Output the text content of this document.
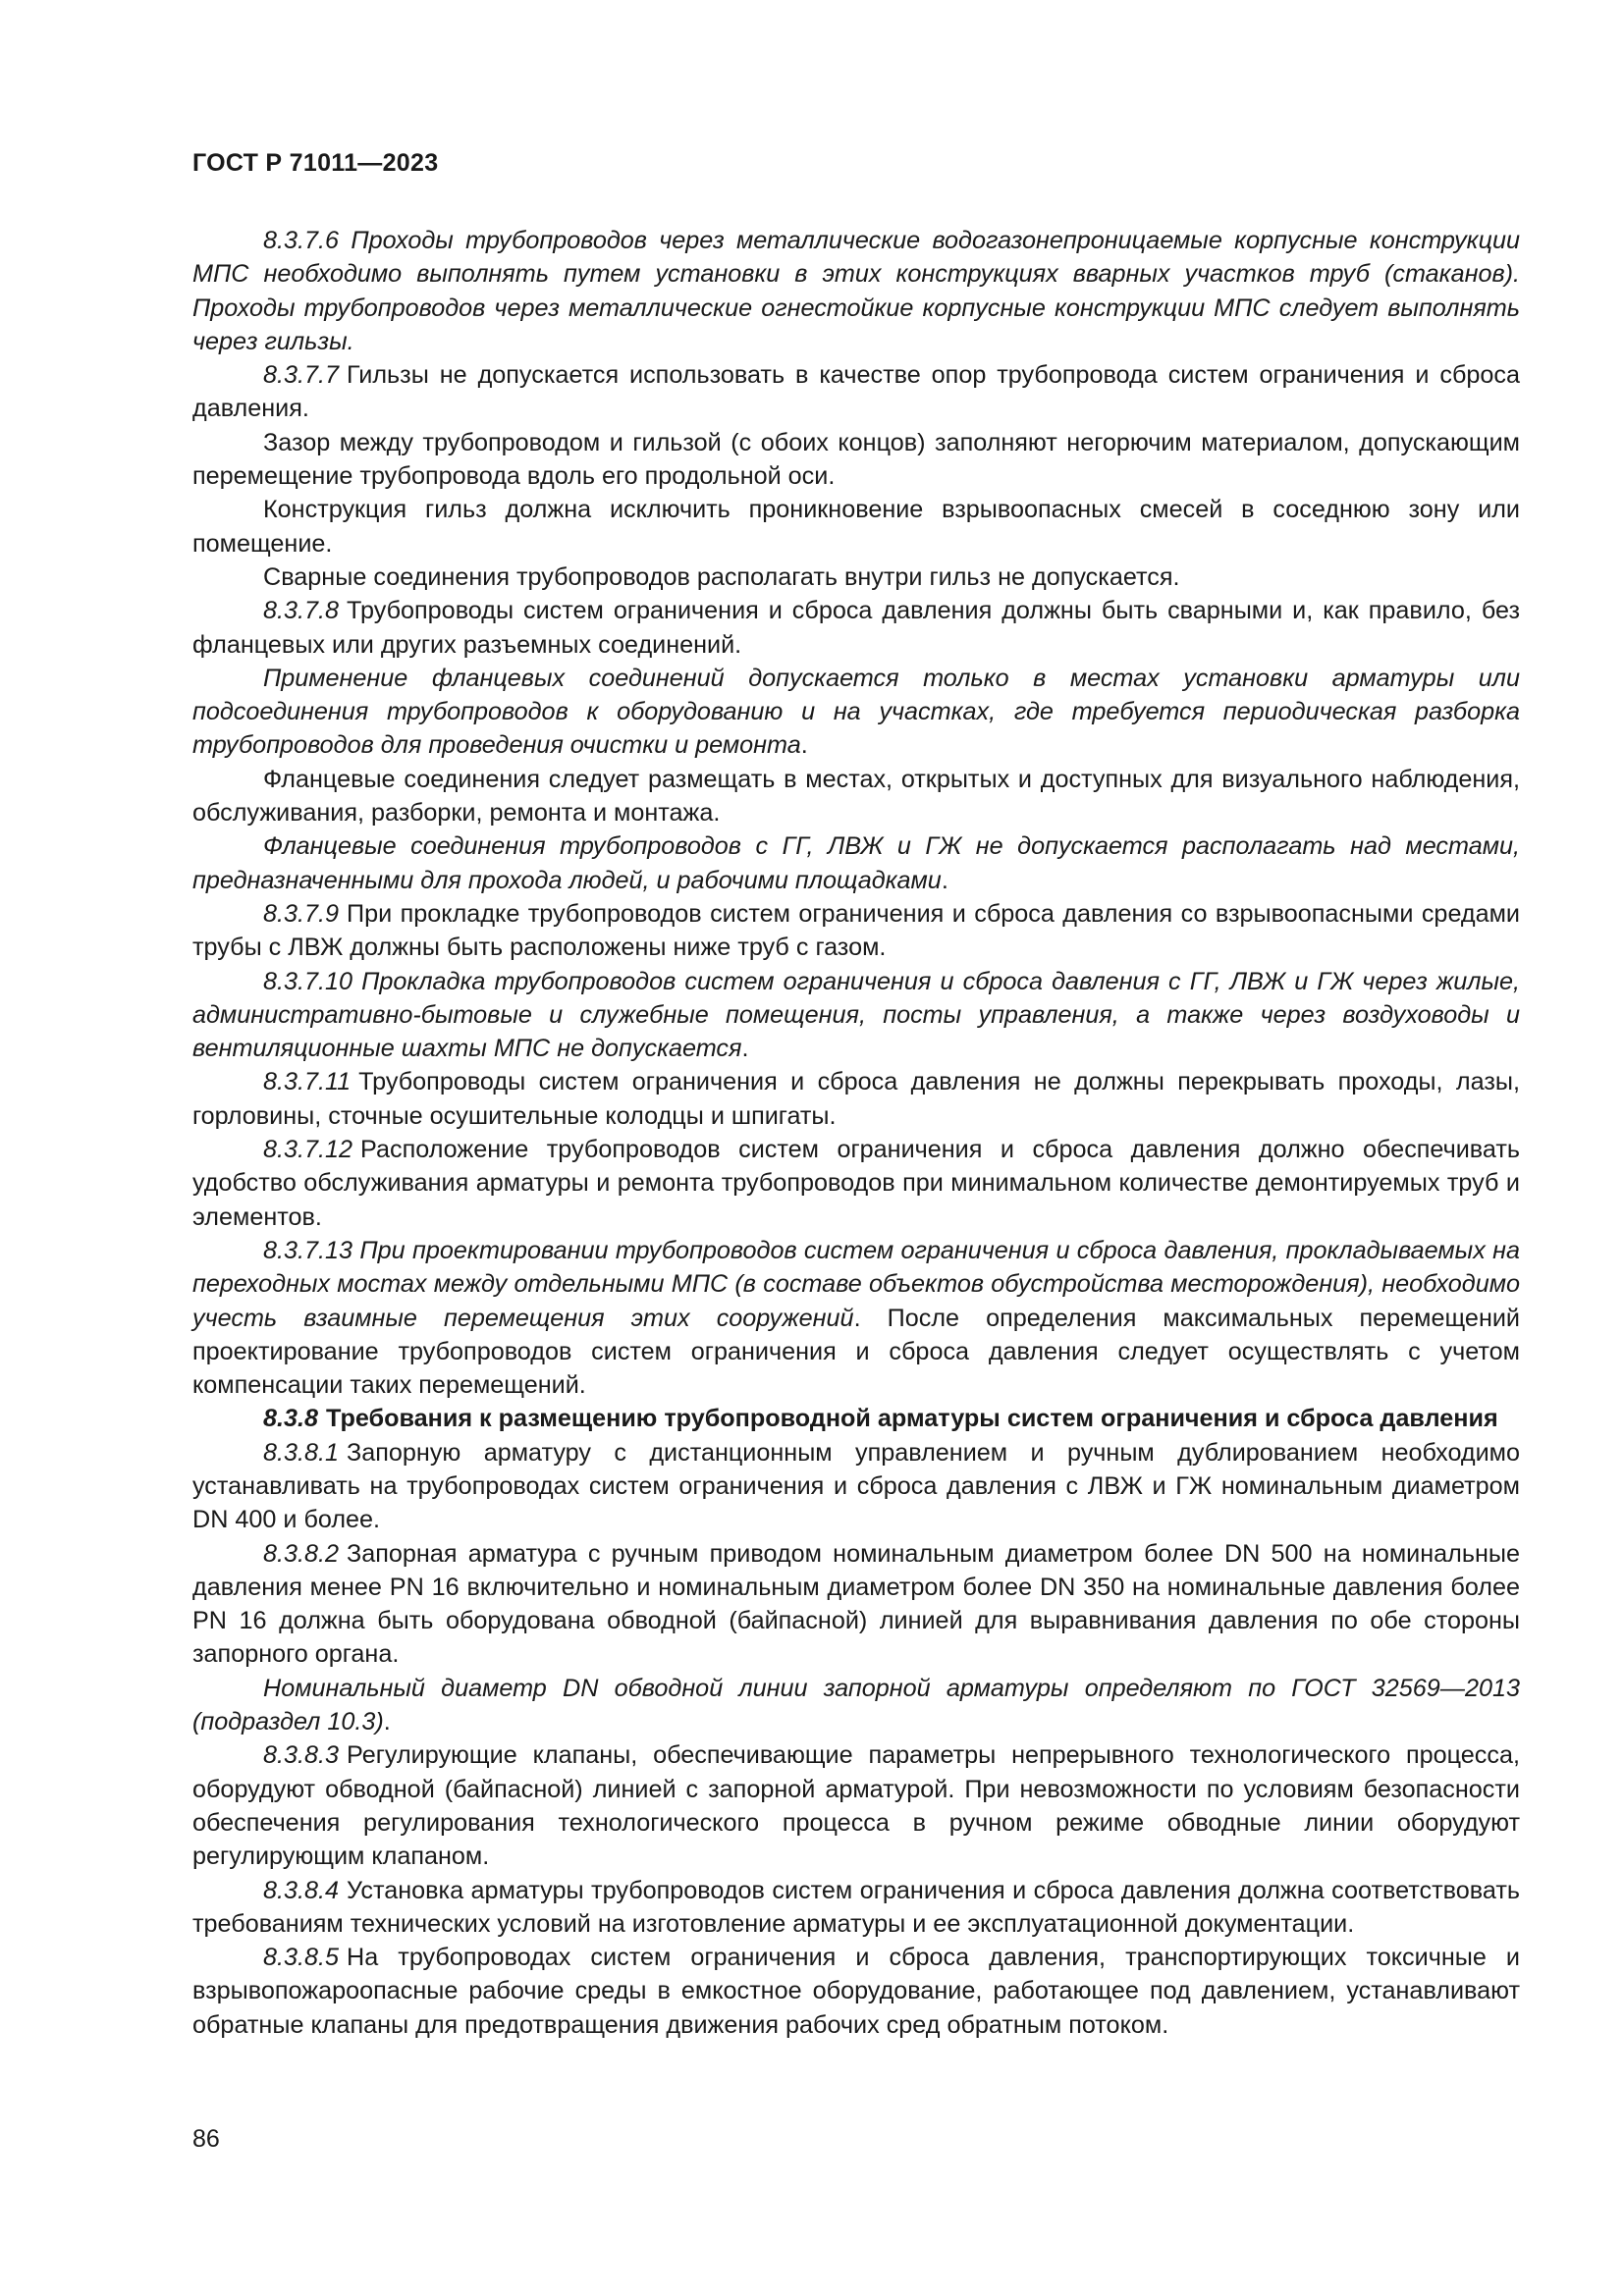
ГОСТ Р 71011—2023

8.3.7.6 Проходы трубопроводов через металлические водогазонепроницаемые корпусные конструкции МПС необходимо выполнять путем установки в этих конструкциях вварных участков труб (стаканов). Проходы трубопроводов через металлические огнестойкие корпусные конструкции МПС следует выполнять через гильзы.

8.3.7.7 Гильзы не допускается использовать в качестве опор трубопровода систем ограничения и сброса давления.

Зазор между трубопроводом и гильзой (с обоих концов) заполняют негорючим материалом, допускающим перемещение трубопровода вдоль его продольной оси.

Конструкция гильз должна исключить проникновение взрывоопасных смесей в соседнюю зону или помещение.

Сварные соединения трубопроводов располагать внутри гильз не допускается.

8.3.7.8 Трубопроводы систем ограничения и сброса давления должны быть сварными и, как правило, без фланцевых или других разъемных соединений.

Применение фланцевых соединений допускается только в местах установки арматуры или подсоединения трубопроводов к оборудованию и на участках, где требуется периодическая разборка трубопроводов для проведения очистки и ремонта.

Фланцевые соединения следует размещать в местах, открытых и доступных для визуального наблюдения, обслуживания, разборки, ремонта и монтажа.

Фланцевые соединения трубопроводов с ГГ, ЛВЖ и ГЖ не допускается располагать над местами, предназначенными для прохода людей, и рабочими площадками.

8.3.7.9 При прокладке трубопроводов систем ограничения и сброса давления со взрывоопасными средами трубы с ЛВЖ должны быть расположены ниже труб с газом.

8.3.7.10 Прокладка трубопроводов систем ограничения и сброса давления с ГГ, ЛВЖ и ГЖ через жилые, административно-бытовые и служебные помещения, посты управления, а также через воздуховоды и вентиляционные шахты МПС не допускается.

8.3.7.11 Трубопроводы систем ограничения и сброса давления не должны перекрывать проходы, лазы, горловины, сточные осушительные колодцы и шпигаты.

8.3.7.12 Расположение трубопроводов систем ограничения и сброса давления должно обеспечивать удобство обслуживания арматуры и ремонта трубопроводов при минимальном количестве демонтируемых труб и элементов.

8.3.7.13 При проектировании трубопроводов систем ограничения и сброса давления, прокладываемых на переходных мостах между отдельными МПС (в составе объектов обустройства месторождения), необходимо учесть взаимные перемещения этих сооружений. После определения максимальных перемещений проектирование трубопроводов систем ограничения и сброса давления следует осуществлять с учетом компенсации таких перемещений.

8.3.8 Требования к размещению трубопроводной арматуры систем ограничения и сброса давления

8.3.8.1 Запорную арматуру с дистанционным управлением и ручным дублированием необходимо устанавливать на трубопроводах систем ограничения и сброса давления с ЛВЖ и ГЖ номинальным диаметром DN 400 и более.

8.3.8.2 Запорная арматура с ручным приводом номинальным диаметром более DN 500 на номинальные давления менее PN 16 включительно и номинальным диаметром более DN 350 на номинальные давления более PN 16 должна быть оборудована обводной (байпасной) линией для выравнивания давления по обе стороны запорного органа.

Номинальный диаметр DN обводной линии запорной арматуры определяют по ГОСТ 32569—2013 (подраздел 10.3).

8.3.8.3 Регулирующие клапаны, обеспечивающие параметры непрерывного технологического процесса, оборудуют обводной (байпасной) линией с запорной арматурой. При невозможности по условиям безопасности обеспечения регулирования технологического процесса в ручном режиме обводные линии оборудуют регулирующим клапаном.

8.3.8.4 Установка арматуры трубопроводов систем ограничения и сброса давления должна соответствовать требованиям технических условий на изготовление арматуры и ее эксплуатационной документации.

8.3.8.5 На трубопроводах систем ограничения и сброса давления, транспортирующих токсичные и взрывопожароопасные рабочие среды в емкостное оборудование, работающее под давлением, устанавливают обратные клапаны для предотвращения движения рабочих сред обратным потоком.

86
